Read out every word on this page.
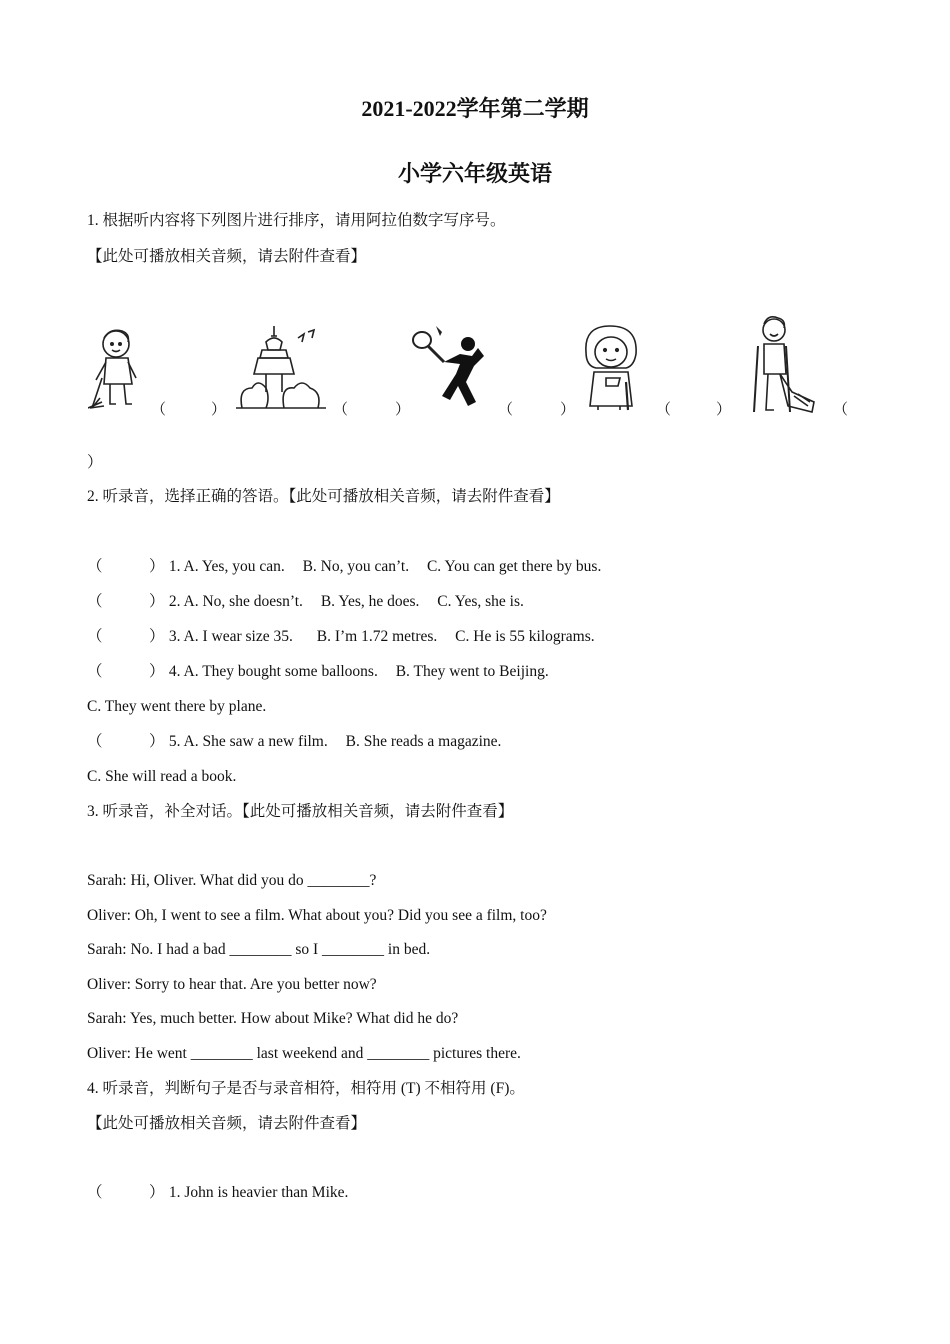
2021-2022学年第二学期
小学六年级英语
1. 根据听内容将下列图片进行排序，请用阿拉伯数字写序号。
【此处可播放相关音频，请去附件查看】
（	）	（	）	（	）	（	）	（
）
2. 听录音，选择正确的答语。【此处可播放相关音频，请去附件查看】
（　　　） 1. A. Yes, you can. B. No, you can’t. C. You can get there by bus.
（　　　） 2. A. No, she doesn’t. B. Yes, he does. C. Yes, she is.
（　　　） 3. A. I wear size 35. B. I’m 1.72 metres. C. He is 55 kilograms.
（　　　） 4. A. They bought some balloons. B. They went to Beijing.
C. They went there by plane.
（　　　） 5. A. She saw a new film. B. She reads a magazine.
C. She will read a book.
3. 听录音，补全对话。【此处可播放相关音频，请去附件查看】
Sarah: Hi, Oliver. What did you do ________?
Oliver: Oh, I went to see a film. What about you? Did you see a film, too?
Sarah: No. I had a bad ________ so I ________ in bed.
Oliver: Sorry to hear that. Are you better now?
Sarah: Yes, much better. How about Mike? What did he do?
Oliver: He went ________ last weekend and ________ pictures there.
4. 听录音，判断句子是否与录音相符，相符用 (T) 不相符用 (F)。
【此处可播放相关音频，请去附件查看】
（　　　） 1. John is heavier than Mike.
